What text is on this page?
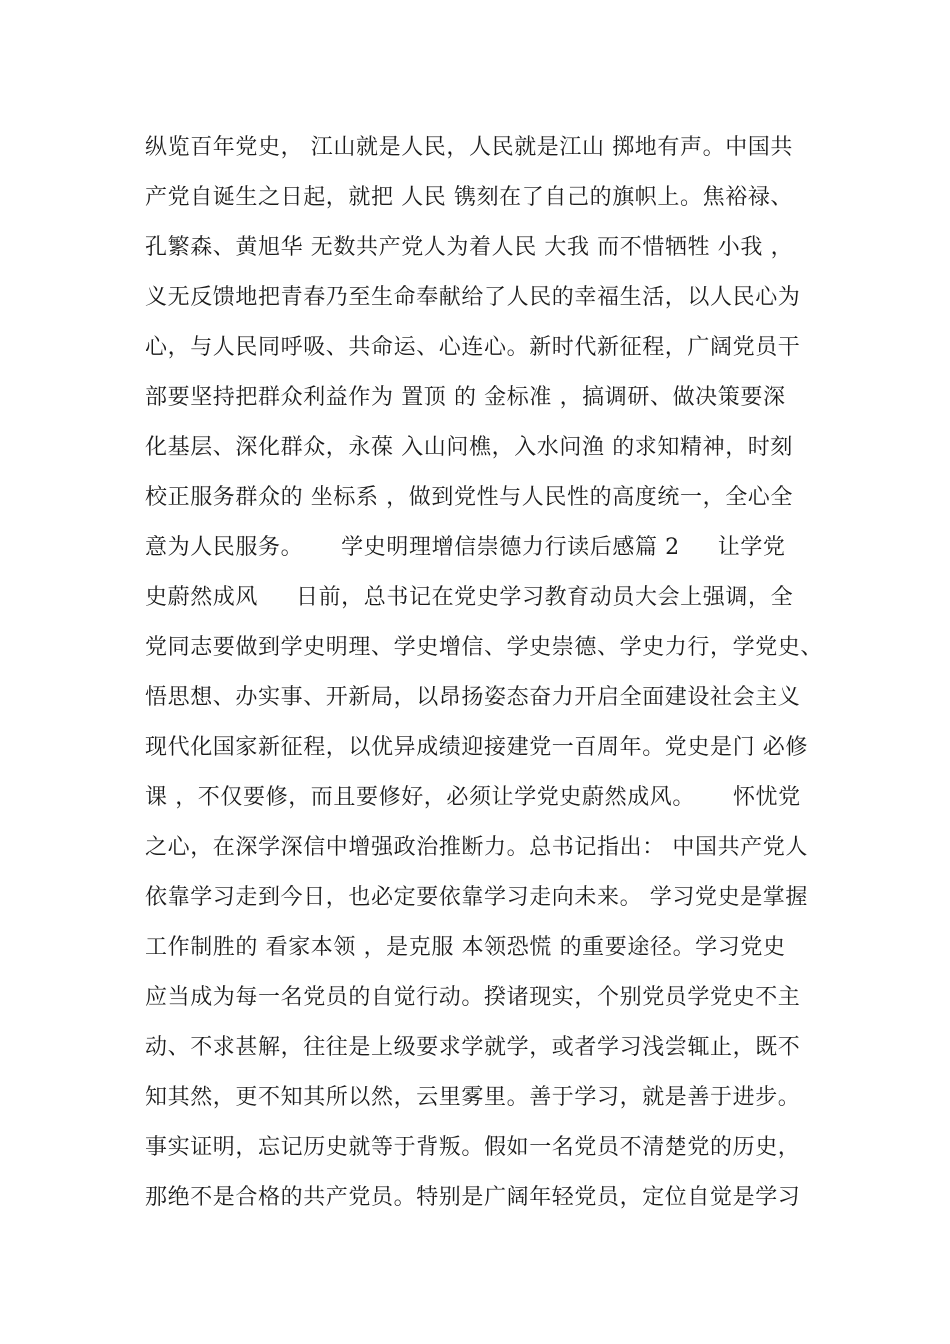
纵览百年党史， 江山就是人民，人民就是江山 掷地有声。中国共
产党自诞生之日起，就把 人民 镌刻在了自己的旗帜上。焦裕禄、
孔繁森、黄旭华 无数共产党人为着人民 大我 而不惜牺牲 小我 ，
义无反馈地把青春乃至生命奉献给了人民的幸福生活，以人民心为
心，与人民同呼吸、共命运、心连心。新时代新征程，广阔党员干
部要坚持把群众利益作为 置顶 的 金标准 ，搞调研、做决策要深
化基层、深化群众，永葆 入山问樵，入水问渔 的求知精神，时刻
校正服务群众的 坐标系 ，做到党性与人民性的高度统一，全心全
意为人民服务。     学史明理增信崇德力行读后感篇 2     让学党
史蔚然成风     日前，总书记在党史学习教育动员大会上强调，全
党同志要做到学史明理、学史增信、学史崇德、学史力行，学党史、
悟思想、办实事、开新局，以昂扬姿态奋力开启全面建设社会主义
现代化国家新征程，以优异成绩迎接建党一百周年。党史是门 必修
课 ，不仅要修，而且要修好，必须让学党史蔚然成风。     怀忧党
之心，在深学深信中增强政治推断力。总书记指出： 中国共产党人
依靠学习走到今日，也必定要依靠学习走向未来。 学习党史是掌握
工作制胜的 看家本领 ，是克服 本领恐慌 的重要途径。学习党史
应当成为每一名党员的自觉行动。揆诸现实，个别党员学党史不主
动、不求甚解，往往是上级要求学就学，或者学习浅尝辄止，既不
知其然，更不知其所以然，云里雾里。善于学习，就是善于进步。
事实证明，忘记历史就等于背叛。假如一名党员不清楚党的历史，
那绝不是合格的共产党员。特别是广阔年轻党员，定位自觉是学习
